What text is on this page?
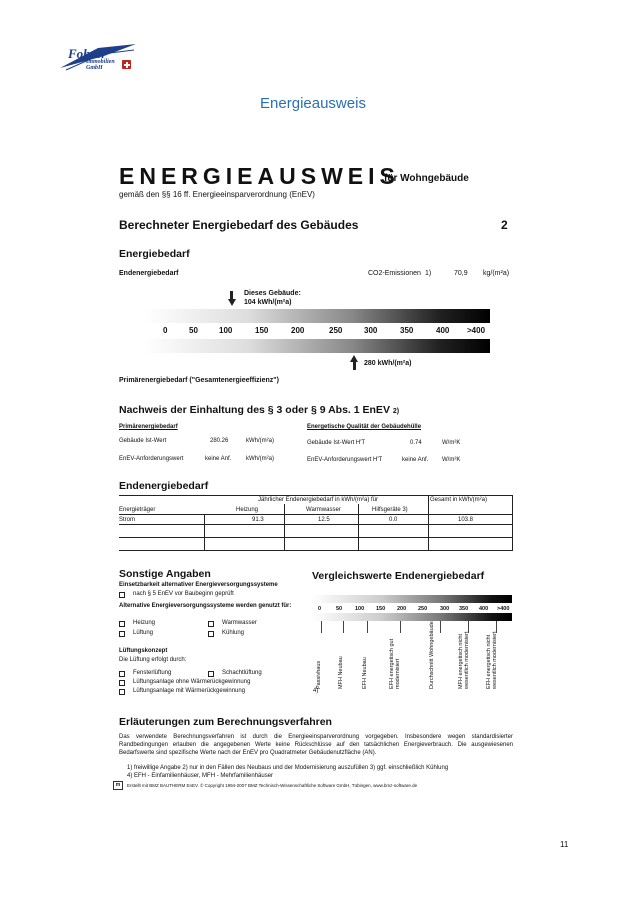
Fohrer
Immobilien
GmbH
Energieausweis
ENERGIEAUSWEIS
für Wohngebäude
gemäß den §§ 16 ff. Energieeinsparverordnung (EnEV)
Berechneter Energiebedarf des Gebäudes	2
Energiebedarf
Endenergiebedarf	CO2-Emissionen 1)	70,9 kg/(m²a)
Dieses Gebäude:
104 kWh/(m²a)
0	50	100	150	200	250	300	350	400 >400
280 kWh/(m²a)
Primärenergiebedarf ("Gesamtenergieeffizienz")
Nachweis der Einhaltung des § 3 oder § 9 Abs. 1 EnEV 2)
Primärenergiebedarf
Gebäude Ist-Wert	280.26	kWh/(m²a)
EnEV-Anforderungswert	keine Anf. kWh/(m²a)
Energetische Qualität der Gebäudehülle
Gebäude Ist-Wert H'T	0.74	W/m²K
EnEV-Anforderungswert H'T	keine Anf. W/m²K
Endenergiebedarf
Jährlicher Endenergiebedarf in kWh/(m²a) für	Gesamt in kWh/(m²a)
Energieträger	Heizung	Warmwasser	Hilfsgeräte 3)
Strom	91.3	12.5	0.0	103.8
Sonstige Angaben
Einsetzbarkeit alternativer Energieversorgungssysteme
nach § 5 EnEV vor Baubeginn geprüft
Alternative Energieversorgungssysteme werden genutzt für:
Heizung	Warmwasser
Lüftung	Kühlung
Lüftungskonzept
Die Lüftung erfolgt durch:
Fensterlüftung	Schachtlüftung
Lüftungsanlage ohne Wärmerückgewinnung
Lüftungsanlage mit Wärmerückgewinnung
Vergleichswerte Endenergiebedarf
0	50 100 150 200 250 300 350 400 >400
Passivhaus	MFH Neubau	EFH Neubau	EFH energetisch gut modernisiert	Durchschnitt Wohngebäude	MFH energetisch nicht wesentlich modernisiert	EFH energetisch nicht wesentlich modernisiert
4)
Erläuterungen zum Berechnungsverfahren
Das verwendete Berechnungsverfahren ist durch die Energieeinsparverordnung vorgegeben. Insbesondere wegen standardisierter Randbedingungen erlauben die angegebenen Werte keine Rückschlüsse auf den tatsächlichen Energieverbrauch. Die ausgewiesenen Bedarfswerte sind spezifische Werte nach der EnEV pro Quadratmeter Gebäudenutzfläche (AN).
1) freiwillige Angabe 2) nur in den Fällen des Neubaus und der Modernisierung auszufüllen 3) ggf. einschließlich Kühlung
4) EFH - Einfamilienhäuser, MFH - Mehrfamilienhäuser
m	Erstellt mit BMZ BAUTHERM EnEV. © Copyright 1994-2007 BMZ Technisch-Wissenschaftliche Software GmbH, Tübingen, www.bmz-software.de
11
